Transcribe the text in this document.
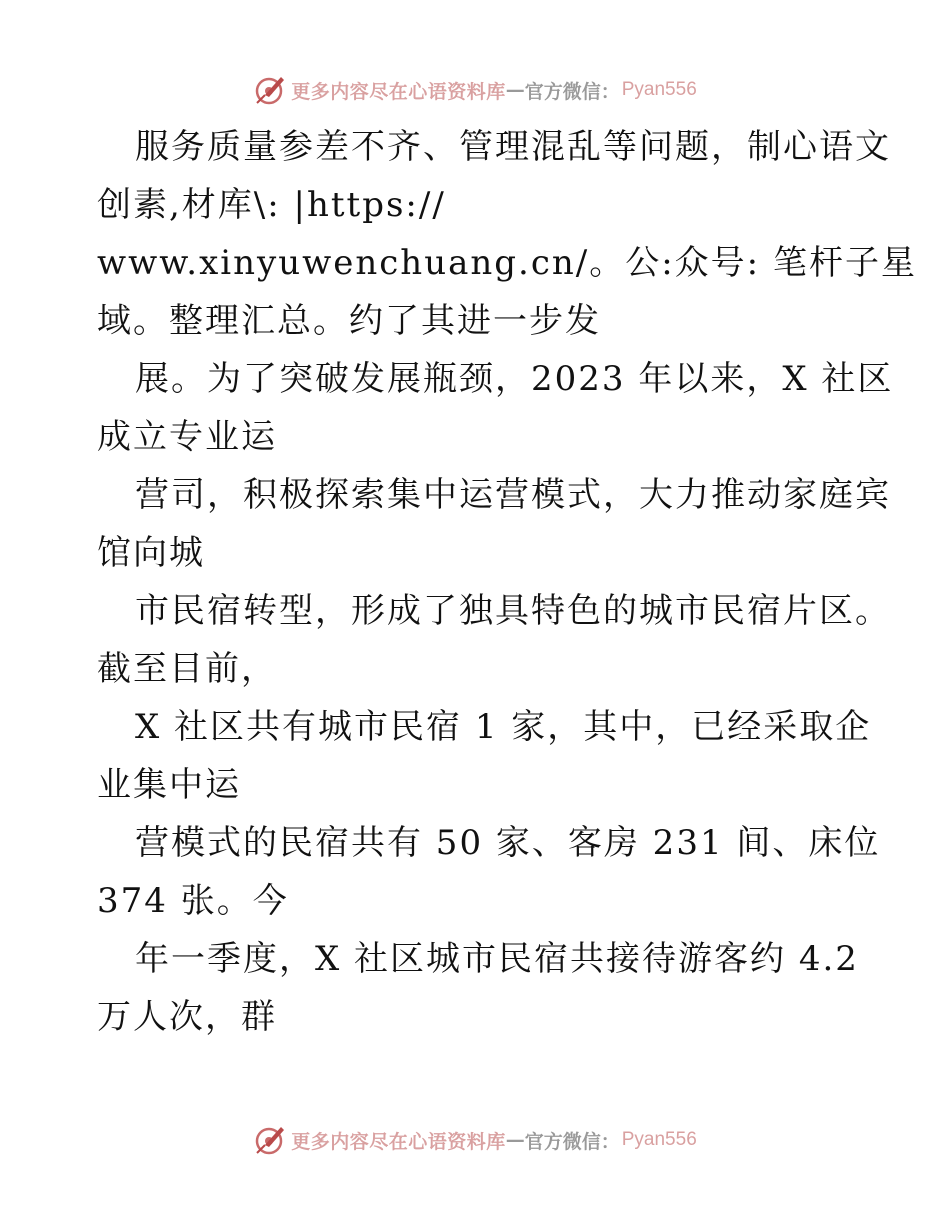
更多内容尽在心语资料库 — 官方微信： Pyan556
服务质量参差不齐、管理混乱等问题，制心语文
创素,材库\: |https://
www.xinyuwenchuang.cn/。公:众号: 笔杆子星
域。整理汇总。约了其进一步发
展。为了突破发展瓶颈，2023 年以来，X 社区
成立专业运
营司，积极探索集中运营模式，大力推动家庭宾
馆向城
市民宿转型，形成了独具特色的城市民宿片区。
截至目前，
X 社区共有城市民宿 1 家，其中，已经采取企
业集中运
营模式的民宿共有 50 家、客房 231 间、床位
374 张。今
年一季度，X 社区城市民宿共接待游客约 4.2
万人次，群
更多内容尽在心语资料库 — 官方微信： Pyan556
